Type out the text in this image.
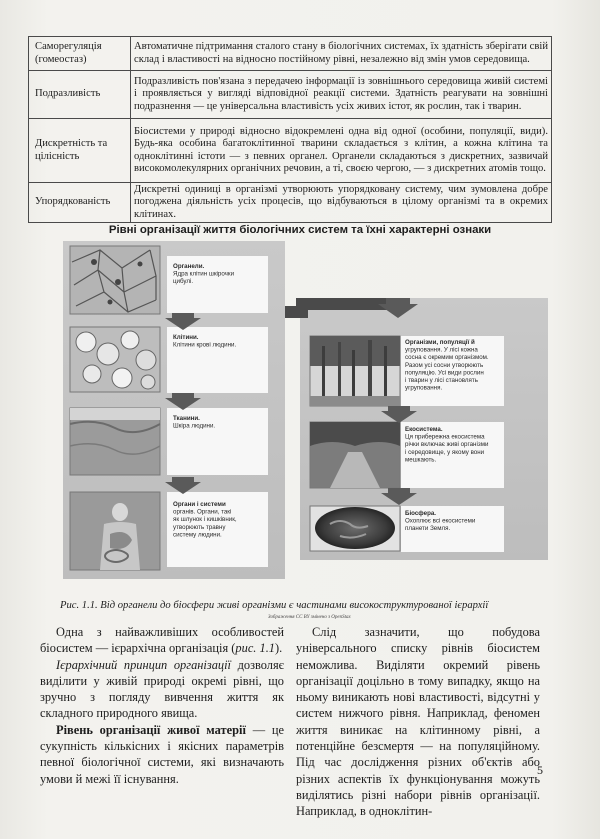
Саморегуляція (гомеостаз)	Автоматичне підтримання сталого стану в біологічних системах, їх здатність зберігати свій склад і властивості на відносно постійному рівні, незалежно від змін умов середовища.
Подразливість	Подразливість пов'язана з передачею інформації із зовнішнього середовища живій системі і проявляється у вигляді відповідної реакції системи. Здатність реагувати на зовнішні подразнення — це універсальна властивість усіх живих істот, як рослин, так і тварин.
Дискретність та цілісність	Біосистеми у природі відносно відокремлені одна від одної (особини, популяції, види). Будь-яка особина багатоклітинної тварини складається з клітин, а кожна клітина та одноклітинні істоти — з певних органел. Органели складаються з дискретних, зазвичай високомолекулярних органічних речовин, а ті, своєю чергою, — з дискретних атомів тощо.
Упорядкованість	Дискретні одиниці в організмі утворюють упорядковану систему, чим зумовлена добре погоджена діяльність усіх процесів, що відбуваються в цілому організмі та в окремих клітинах.
Рівні організації життя біологічних систем та їхні характерні ознаки
Органели. Ядра клітин шкірочки цибулі.
Клітини. Клітини крові людини.
Тканини. Шкіра людини.
Органи і системи органів. Органи, такі як шлунок і кишківник, утворюють травну систему людини.
Організми, популяції й угруповання. У лісі кожна сосна є окремим організмом. Разом усі сосни утворюють популяцію. Усі види рослин і тварин у лісі становлять угруповання.
Екосистема. Ця прибережна екосистема річки включає живі організми і середовище, у якому вони мешкають.
Біосфера. Охоплює всі екосистеми планети Земля.
Рис. 1.1. Від органели до біосфери живі організми є частинами високоструктурованої ієрархії
Зображення CC BY змінено з OpenStax

Одна з найважливіших особливостей біосистем — ієрархічна організація (рис. 1.1).

Ієрархічний принцип організації дозволяє виділити у живій природі окремі рівні, що зручно з погляду вивчення життя як складного природного явища.

Рівень організації живої матерії — це сукупність кількісних і якісних параметрів певної біологічної системи, які визначають умови й межі її існування.

Слід зазначити, що побудова універсального списку рівнів біосистем неможлива. Виділяти окремий рівень організації доцільно в тому випадку, якщо на ньому виникають нові властивості, відсутні у систем нижчого рівня. Наприклад, феномен життя виникає на клітинному рівні, а потенційне безсмертя — на популяційному. Під час дослідження різних об'єктів або різних аспектів їх функціонування можуть виділятись різні набори рівнів організації. Наприклад, в одноклітин-

5
